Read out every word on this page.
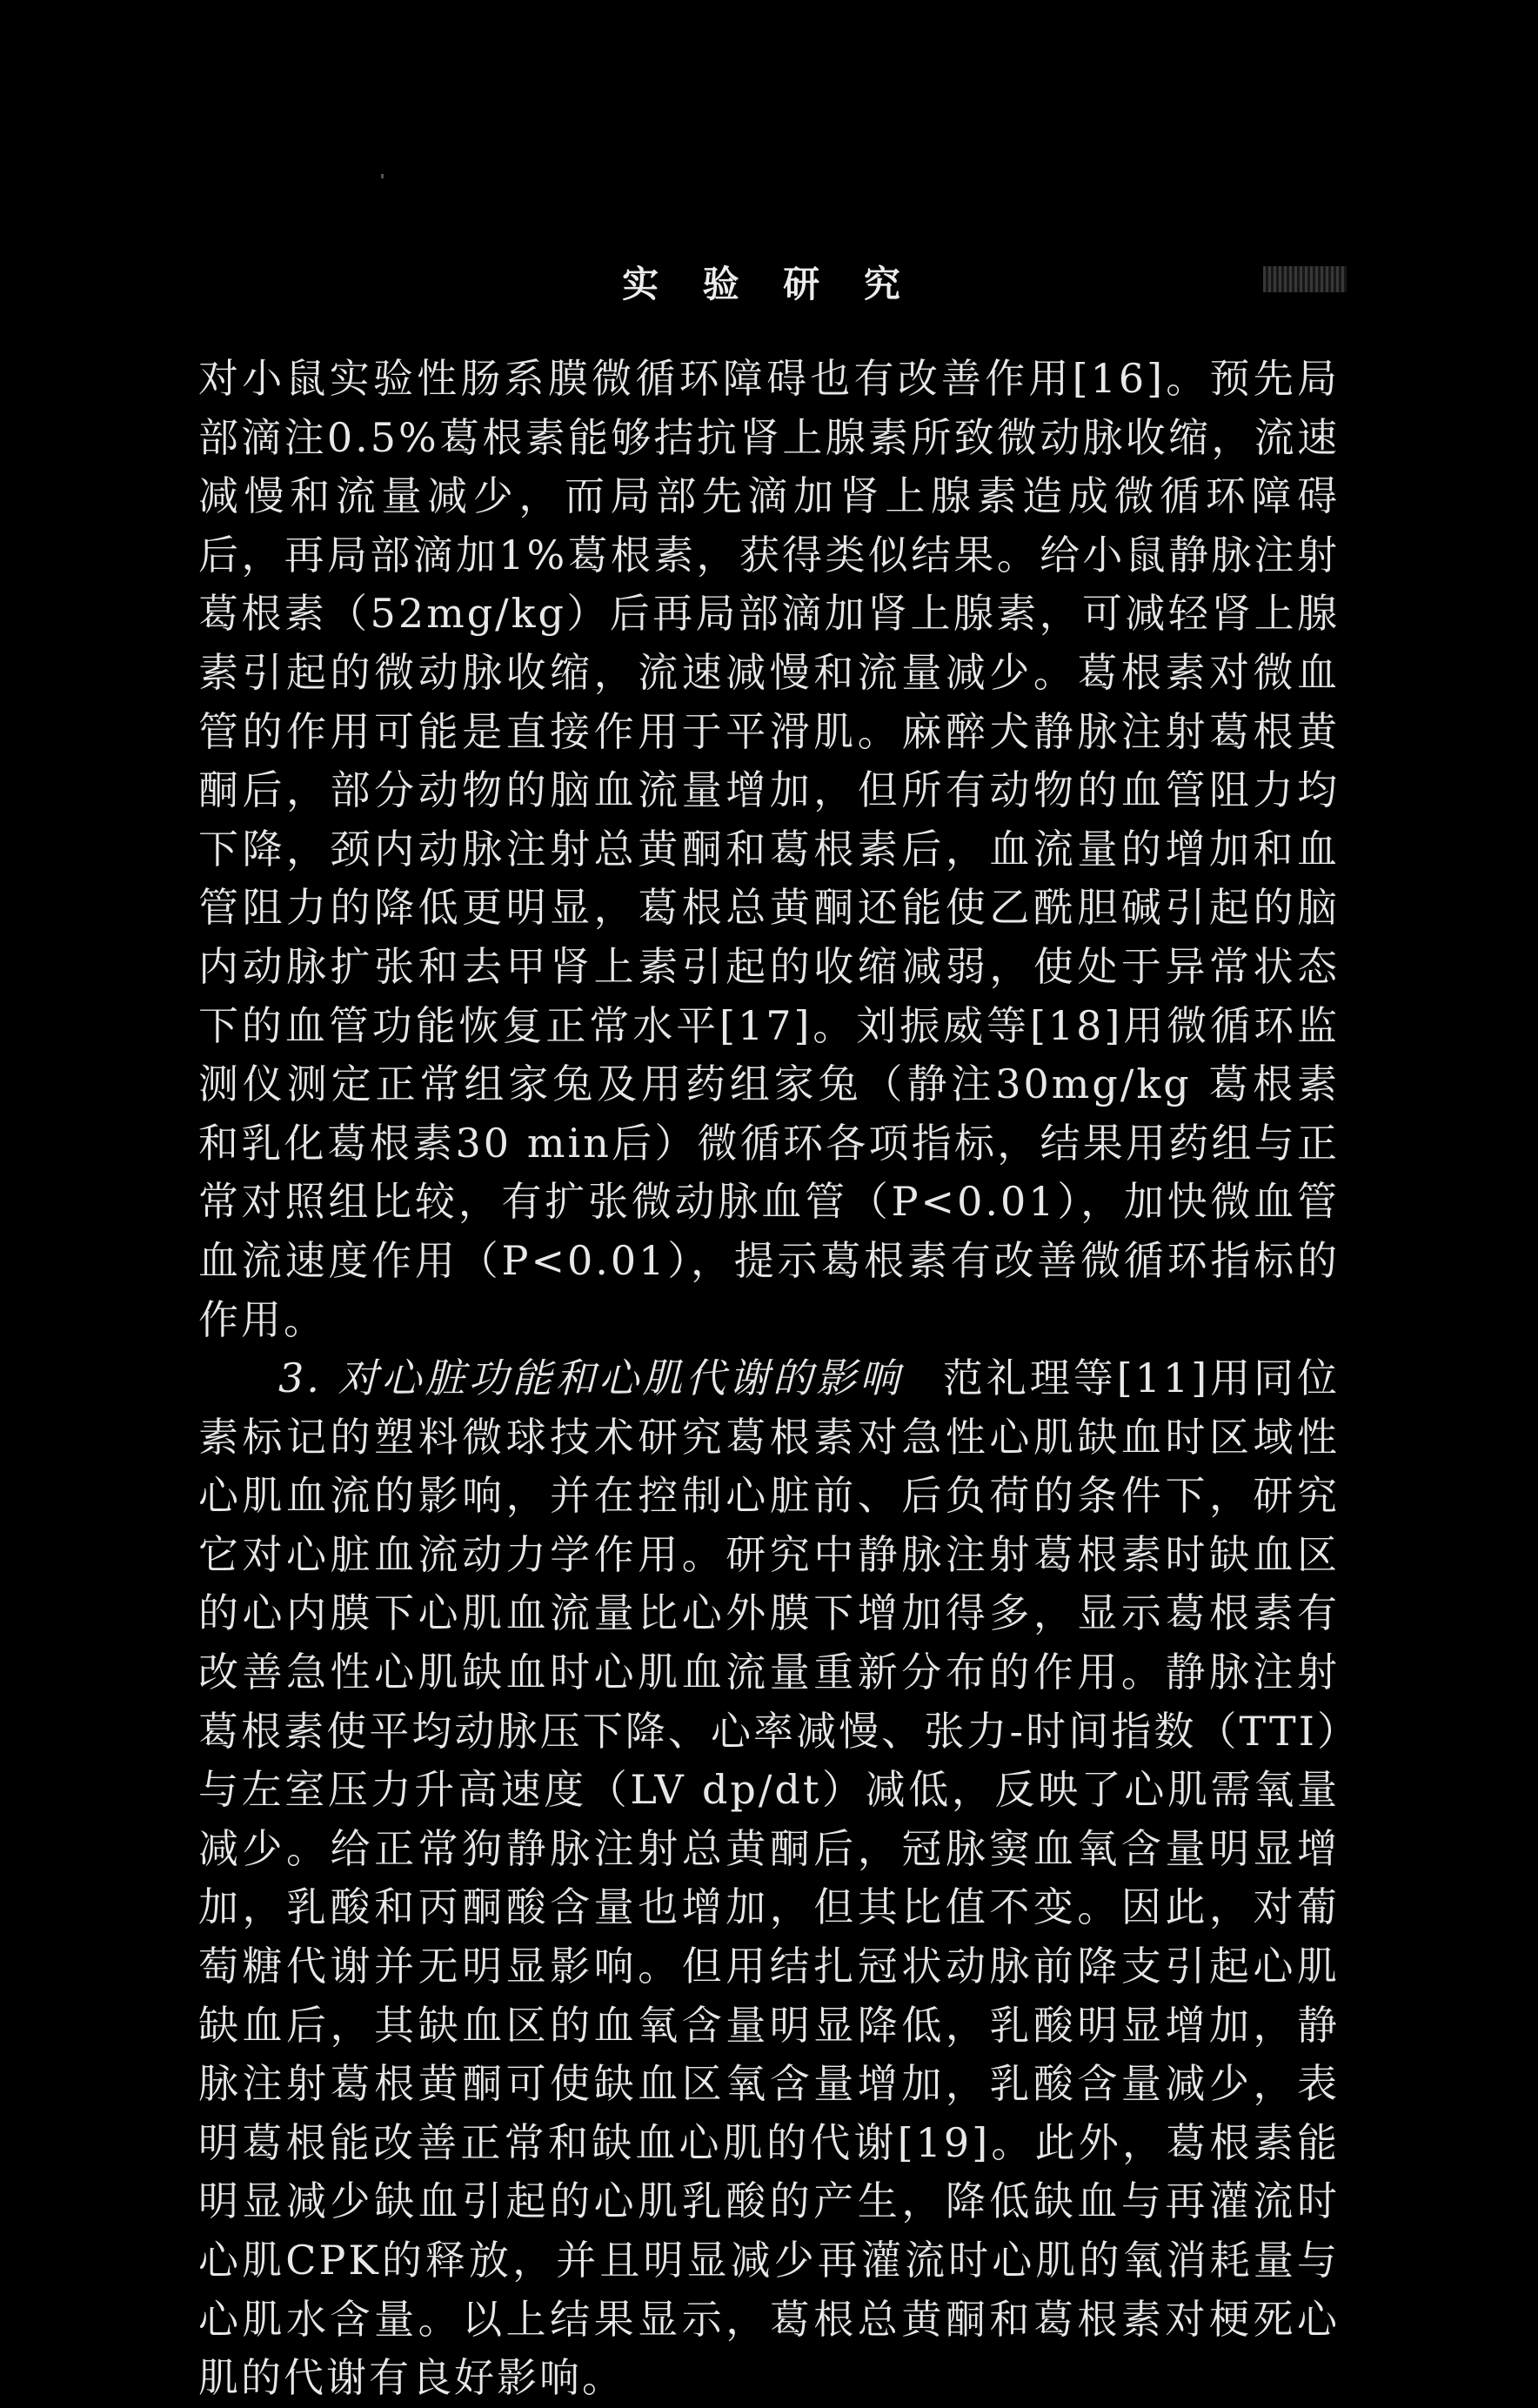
实 验 研 究

对小鼠实验性肠系膜微循环障碍也有改善作用[16]。预先局部滴注0.5%葛根素能够拮抗肾上腺素所致微动脉收缩，流速减慢和流量减少，而局部先滴加肾上腺素造成微循环障碍后，再局部滴加1%葛根素，获得类似结果。给小鼠静脉注射葛根素（52mg/kg）后再局部滴加肾上腺素，可减轻肾上腺素引起的微动脉收缩，流速减慢和流量减少。葛根素对微血管的作用可能是直接作用于平滑肌。麻醉犬静脉注射葛根黄酮后，部分动物的脑血流量增加，但所有动物的血管阻力均下降，颈内动脉注射总黄酮和葛根素后，血流量的增加和血管阻力的降低更明显，葛根总黄酮还能使乙酰胆碱引起的脑内动脉扩张和去甲肾上素引起的收缩减弱，使处于异常状态下的血管功能恢复正常水平[17]。刘振威等[18]用微循环监测仪测定正常组家兔及用药组家兔（静注30mg/kg 葛根素和乳化葛根素30 min后）微循环各项指标，结果用药组与正常对照组比较，有扩张微动脉血管（P<0.01），加快微血管血流速度作用（P<0.01），提示葛根素有改善微循环指标的作用。

3. 对心脏功能和心肌代谢的影响 范礼理等[11]用同位素标记的塑料微球技术研究葛根素对急性心肌缺血时区域性心肌血流的影响，并在控制心脏前、后负荷的条件下，研究它对心脏血流动力学作用。研究中静脉注射葛根素时缺血区的心内膜下心肌血流量比心外膜下增加得多，显示葛根素有改善急性心肌缺血时心肌血流量重新分布的作用。静脉注射葛根素使平均动脉压下降、心率减慢、张力-时间指数（TTI）与左室压力升高速度（LV dp/dt）减低，反映了心肌需氧量减少。给正常狗静脉注射总黄酮后，冠脉窦血氧含量明显增加，乳酸和丙酮酸含量也增加，但其比值不变。因此，对葡萄糖代谢并无明显影响。但用结扎冠状动脉前降支引起心肌缺血后，其缺血区的血氧含量明显降低，乳酸明显增加，静脉注射葛根黄酮可使缺血区氧含量增加，乳酸含量减少，表明葛根能改善正常和缺血心肌的代谢[19]。此外，葛根素能明显减少缺血引起的心肌乳酸的产生，降低缺血与再灌流时心肌CPK的释放，并且明显减少再灌流时心肌的氧消耗量与心肌水含量。以上结果显示，葛根总黄酮和葛根素对梗死心肌的代谢有良好影响。
